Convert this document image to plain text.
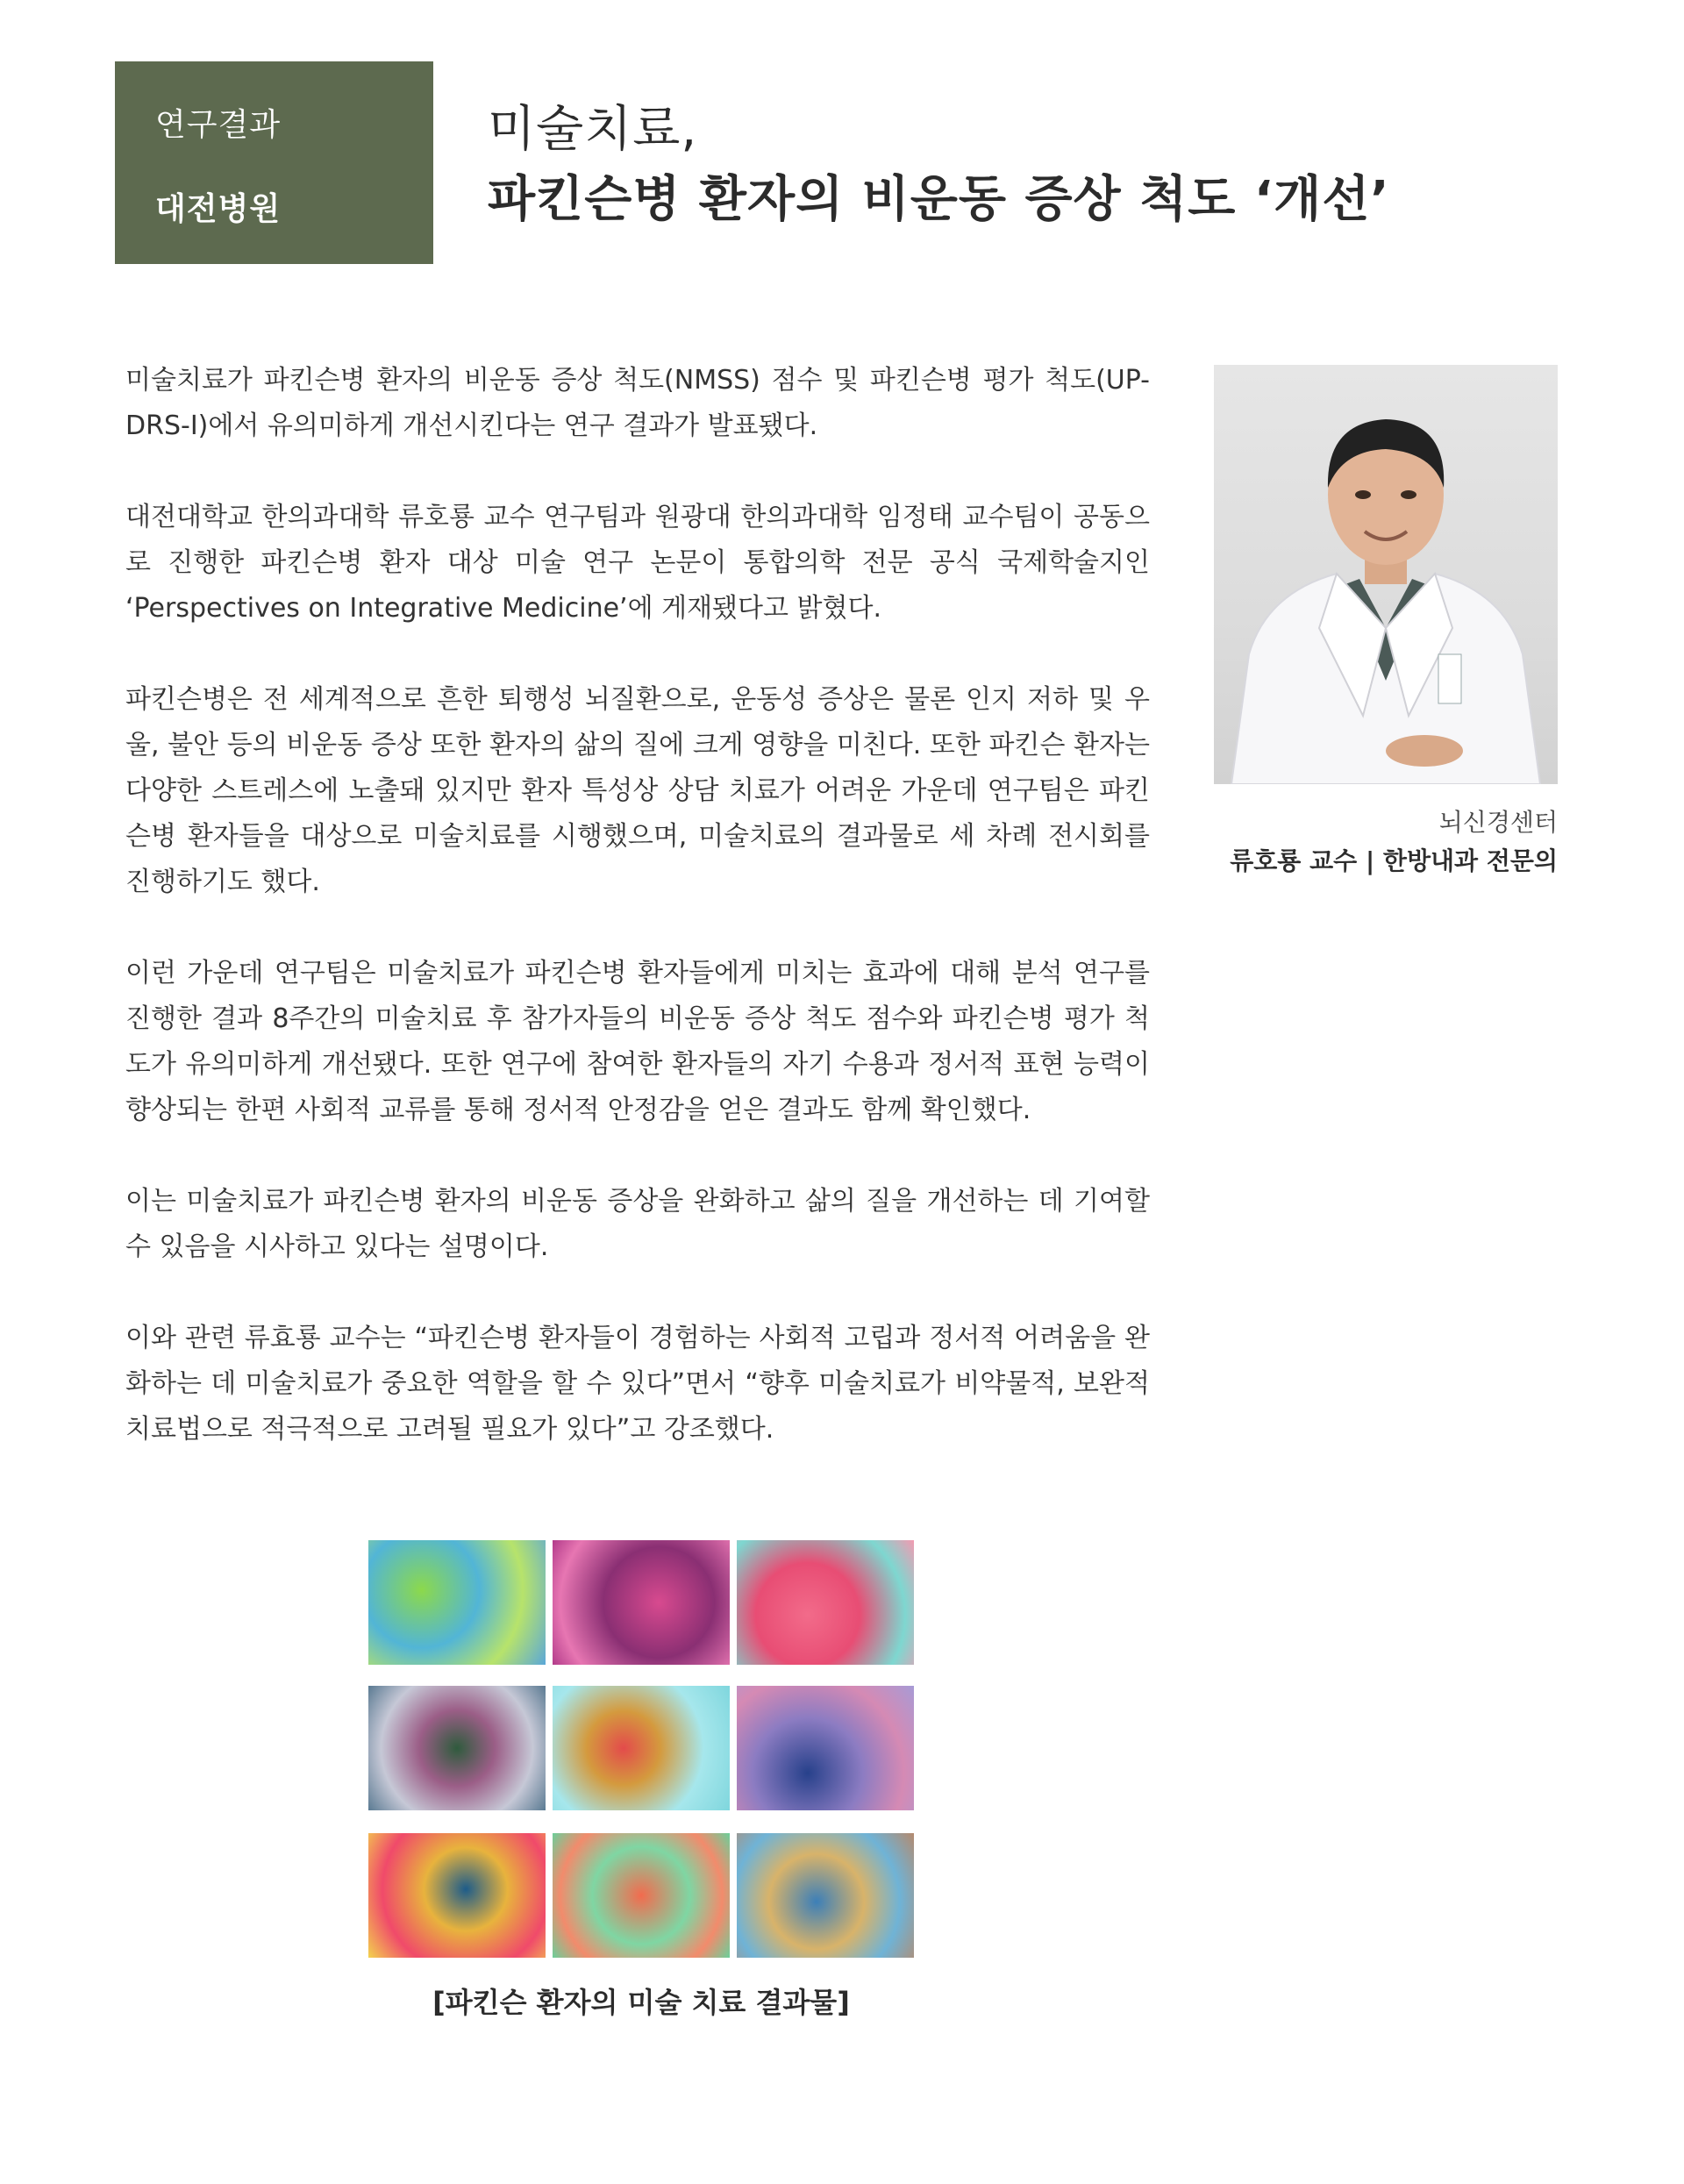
연구결과
대전병원
미술치료,
파킨슨병 환자의 비운동 증상 척도 ‘개선’

미술치료가 파킨슨병 환자의 비운동 증상 척도(NMSS) 점수 및 파킨슨병 평가 척도(UP-DRS-I)에서 유의미하게 개선시킨다는 연구 결과가 발표됐다.

대전대학교 한의과대학 류호룡 교수 연구팀과 원광대 한의과대학 임정태 교수팀이 공동으로 진행한 파킨슨병 환자 대상 미술 연구 논문이 통합의학 전문 공식 국제학술지인 ‘Perspectives on Integrative Medicine’에 게재됐다고 밝혔다.

파킨슨병은 전 세계적으로 흔한 퇴행성 뇌질환으로, 운동성 증상은 물론 인지 저하 및 우울, 불안 등의 비운동 증상 또한 환자의 삶의 질에 크게 영향을 미친다. 또한 파킨슨 환자는 다양한 스트레스에 노출돼 있지만 환자 특성상 상담 치료가 어려운 가운데 연구팀은 파킨슨병 환자들을 대상으로 미술치료를 시행했으며, 미술치료의 결과물로 세 차례 전시회를 진행하기도 했다.

이런 가운데 연구팀은 미술치료가 파킨슨병 환자들에게 미치는 효과에 대해 분석 연구를 진행한 결과 8주간의 미술치료 후 참가자들의 비운동 증상 척도 점수와 파킨슨병 평가 척도가 유의미하게 개선됐다. 또한 연구에 참여한 환자들의 자기 수용과 정서적 표현 능력이 향상되는 한편 사회적 교류를 통해 정서적 안정감을 얻은 결과도 함께 확인했다.

이는 미술치료가 파킨슨병 환자의 비운동 증상을 완화하고 삶의 질을 개선하는 데 기여할 수 있음을 시사하고 있다는 설명이다.

이와 관련 류효룡 교수는 “파킨슨병 환자들이 경험하는 사회적 고립과 정서적 어려움을 완화하는 데 미술치료가 중요한 역할을 할 수 있다”면서 “향후 미술치료가 비약물적, 보완적 치료법으로 적극적으로 고려될 필요가 있다”고 강조했다.

뇌신경센터
류호룡 교수 | 한방내과 전문의
[파킨슨 환자의 미술 치료 결과물]
